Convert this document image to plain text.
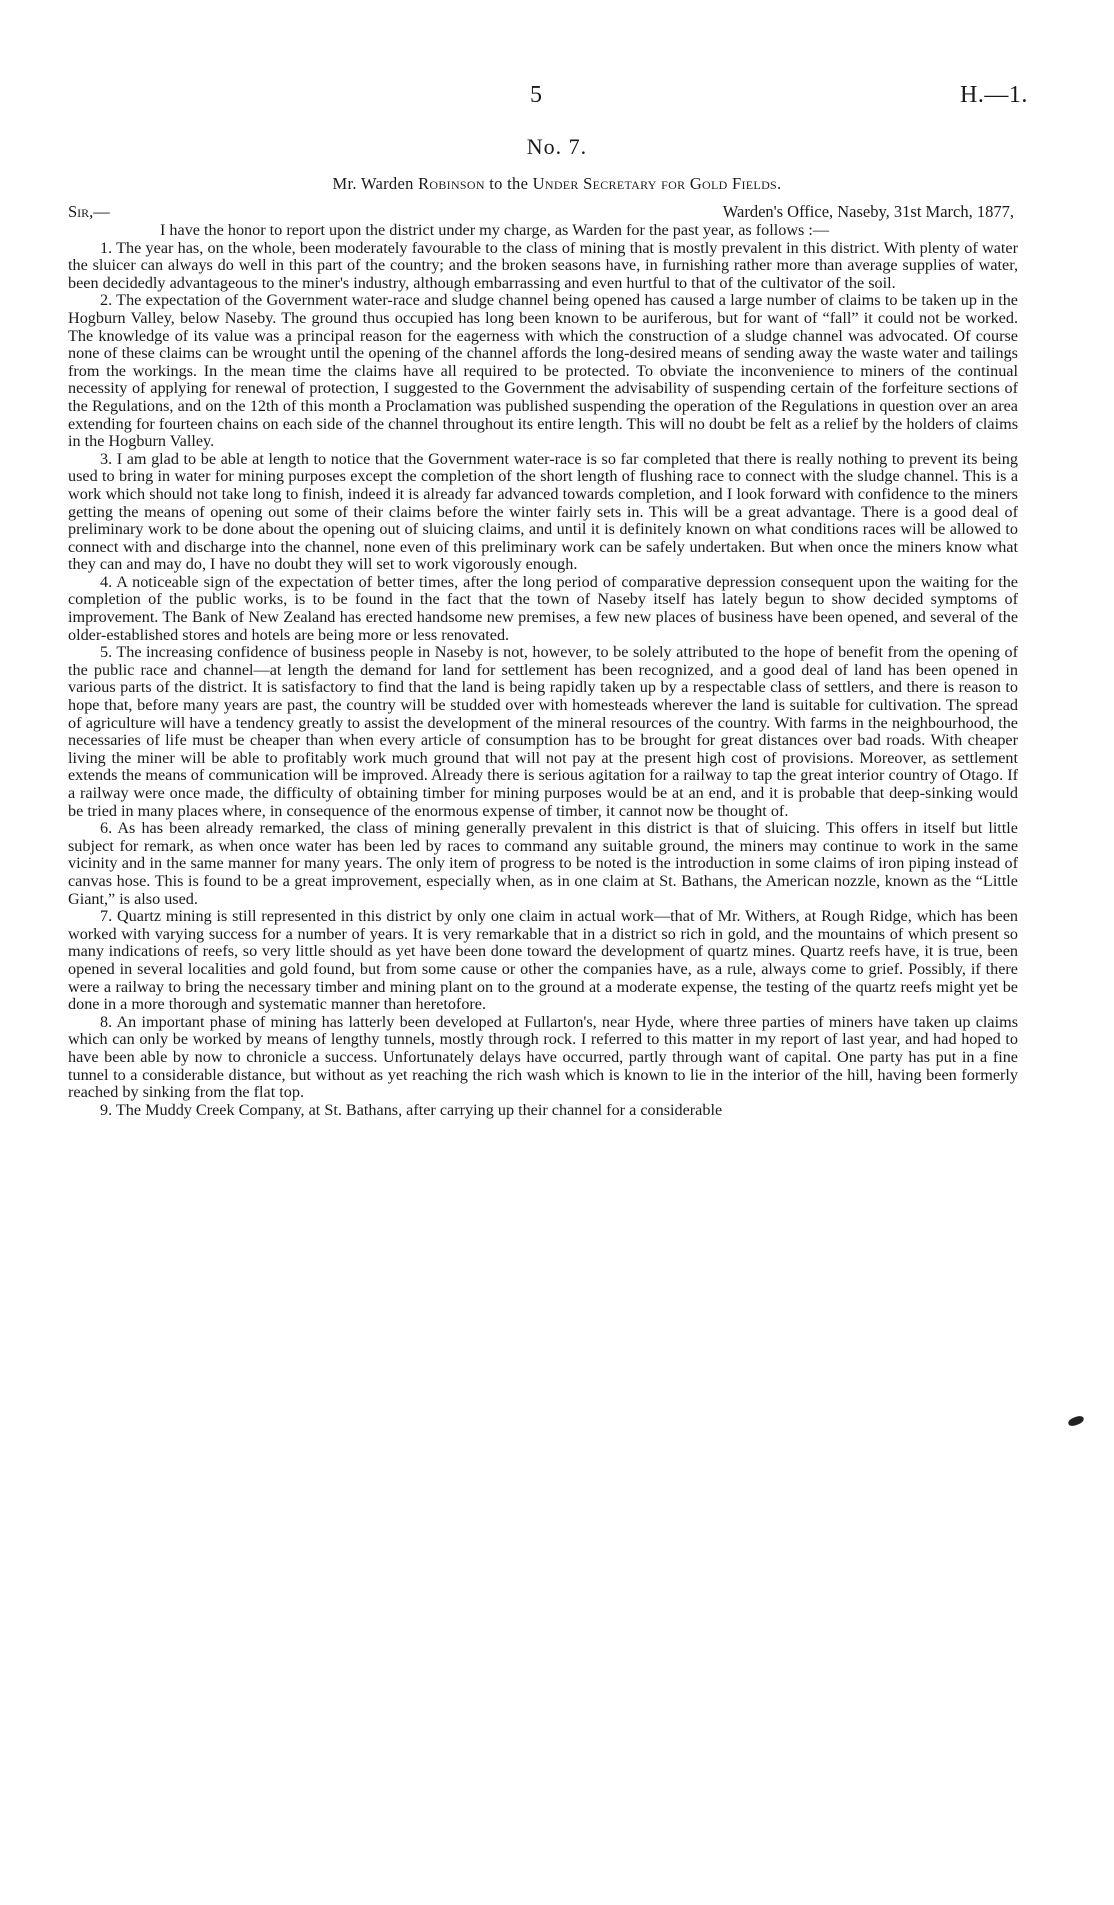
5	H.—1.
No. 7.
Mr. Warden Robinson to the Under Secretary for Gold Fields.
Sir,—	Warden's Office, Naseby, 31st March, 1877,

I have the honor to report upon the district under my charge, as Warden for the past year, as follows :—

1. The year has, on the whole, been moderately favourable to the class of mining that is mostly prevalent in this district. With plenty of water the sluicer can always do well in this part of the country; and the broken seasons have, in furnishing rather more than average supplies of water, been decidedly advantageous to the miner's industry, although embarrassing and even hurtful to that of the cultivator of the soil.

2. The expectation of the Government water-race and sludge channel being opened has caused a large number of claims to be taken up in the Hogburn Valley, below Naseby. The ground thus occupied has long been known to be auriferous, but for want of “fall” it could not be worked. The knowledge of its value was a principal reason for the eagerness with which the construction of a sludge channel was advocated. Of course none of these claims can be wrought until the opening of the channel affords the long-desired means of sending away the waste water and tailings from the workings. In the mean time the claims have all required to be protected. To obviate the inconvenience to miners of the continual necessity of applying for renewal of protection, I suggested to the Government the advisability of suspending certain of the forfeiture sections of the Regulations, and on the 12th of this month a Proclamation was published suspending the operation of the Regulations in question over an area extending for fourteen chains on each side of the channel throughout its entire length. This will no doubt be felt as a relief by the holders of claims in the Hogburn Valley.

3. I am glad to be able at length to notice that the Government water-race is so far completed that there is really nothing to prevent its being used to bring in water for mining purposes except the completion of the short length of flushing race to connect with the sludge channel. This is a work which should not take long to finish, indeed it is already far advanced towards completion, and I look forward with confidence to the miners getting the means of opening out some of their claims before the winter fairly sets in. This will be a great advantage. There is a good deal of preliminary work to be done about the opening out of sluicing claims, and until it is definitely known on what conditions races will be allowed to connect with and discharge into the channel, none even of this preliminary work can be safely undertaken. But when once the miners know what they can and may do, I have no doubt they will set to work vigorously enough.

4. A noticeable sign of the expectation of better times, after the long period of comparative depression consequent upon the waiting for the completion of the public works, is to be found in the fact that the town of Naseby itself has lately begun to show decided symptoms of improvement. The Bank of New Zealand has erected handsome new premises, a few new places of business have been opened, and several of the older-established stores and hotels are being more or less renovated.

5. The increasing confidence of business people in Naseby is not, however, to be solely attributed to the hope of benefit from the opening of the public race and channel—at length the demand for land for settlement has been recognized, and a good deal of land has been opened in various parts of the district. It is satisfactory to find that the land is being rapidly taken up by a respectable class of settlers, and there is reason to hope that, before many years are past, the country will be studded over with homesteads wherever the land is suitable for cultivation. The spread of agriculture will have a tendency greatly to assist the development of the mineral resources of the country. With farms in the neighbourhood, the necessaries of life must be cheaper than when every article of consumption has to be brought for great distances over bad roads. With cheaper living the miner will be able to profitably work much ground that will not pay at the present high cost of provisions. Moreover, as settlement extends the means of communication will be improved. Already there is serious agitation for a railway to tap the great interior country of Otago. If a railway were once made, the difficulty of obtaining timber for mining purposes would be at an end, and it is probable that deep-sinking would be tried in many places where, in consequence of the enormous expense of timber, it cannot now be thought of.

6. As has been already remarked, the class of mining generally prevalent in this district is that of sluicing. This offers in itself but little subject for remark, as when once water has been led by races to command any suitable ground, the miners may continue to work in the same vicinity and in the same manner for many years. The only item of progress to be noted is the introduction in some claims of iron piping instead of canvas hose. This is found to be a great improvement, especially when, as in one claim at St. Bathans, the American nozzle, known as the “Little Giant,” is also used.

7. Quartz mining is still represented in this district by only one claim in actual work—that of Mr. Withers, at Rough Ridge, which has been worked with varying success for a number of years. It is very remarkable that in a district so rich in gold, and the mountains of which present so many indications of reefs, so very little should as yet have been done toward the development of quartz mines. Quartz reefs have, it is true, been opened in several localities and gold found, but from some cause or other the companies have, as a rule, always come to grief. Possibly, if there were a railway to bring the necessary timber and mining plant on to the ground at a moderate expense, the testing of the quartz reefs might yet be done in a more thorough and systematic manner than heretofore.

8. An important phase of mining has latterly been developed at Fullarton's, near Hyde, where three parties of miners have taken up claims which can only be worked by means of lengthy tunnels, mostly through rock. I referred to this matter in my report of last year, and had hoped to have been able by now to chronicle a success. Unfortunately delays have occurred, partly through want of capital. One party has put in a fine tunnel to a considerable distance, but without as yet reaching the rich wash which is known to lie in the interior of the hill, having been formerly reached by sinking from the flat top.

9. The Muddy Creek Company, at St. Bathans, after carrying up their channel for a considerable
